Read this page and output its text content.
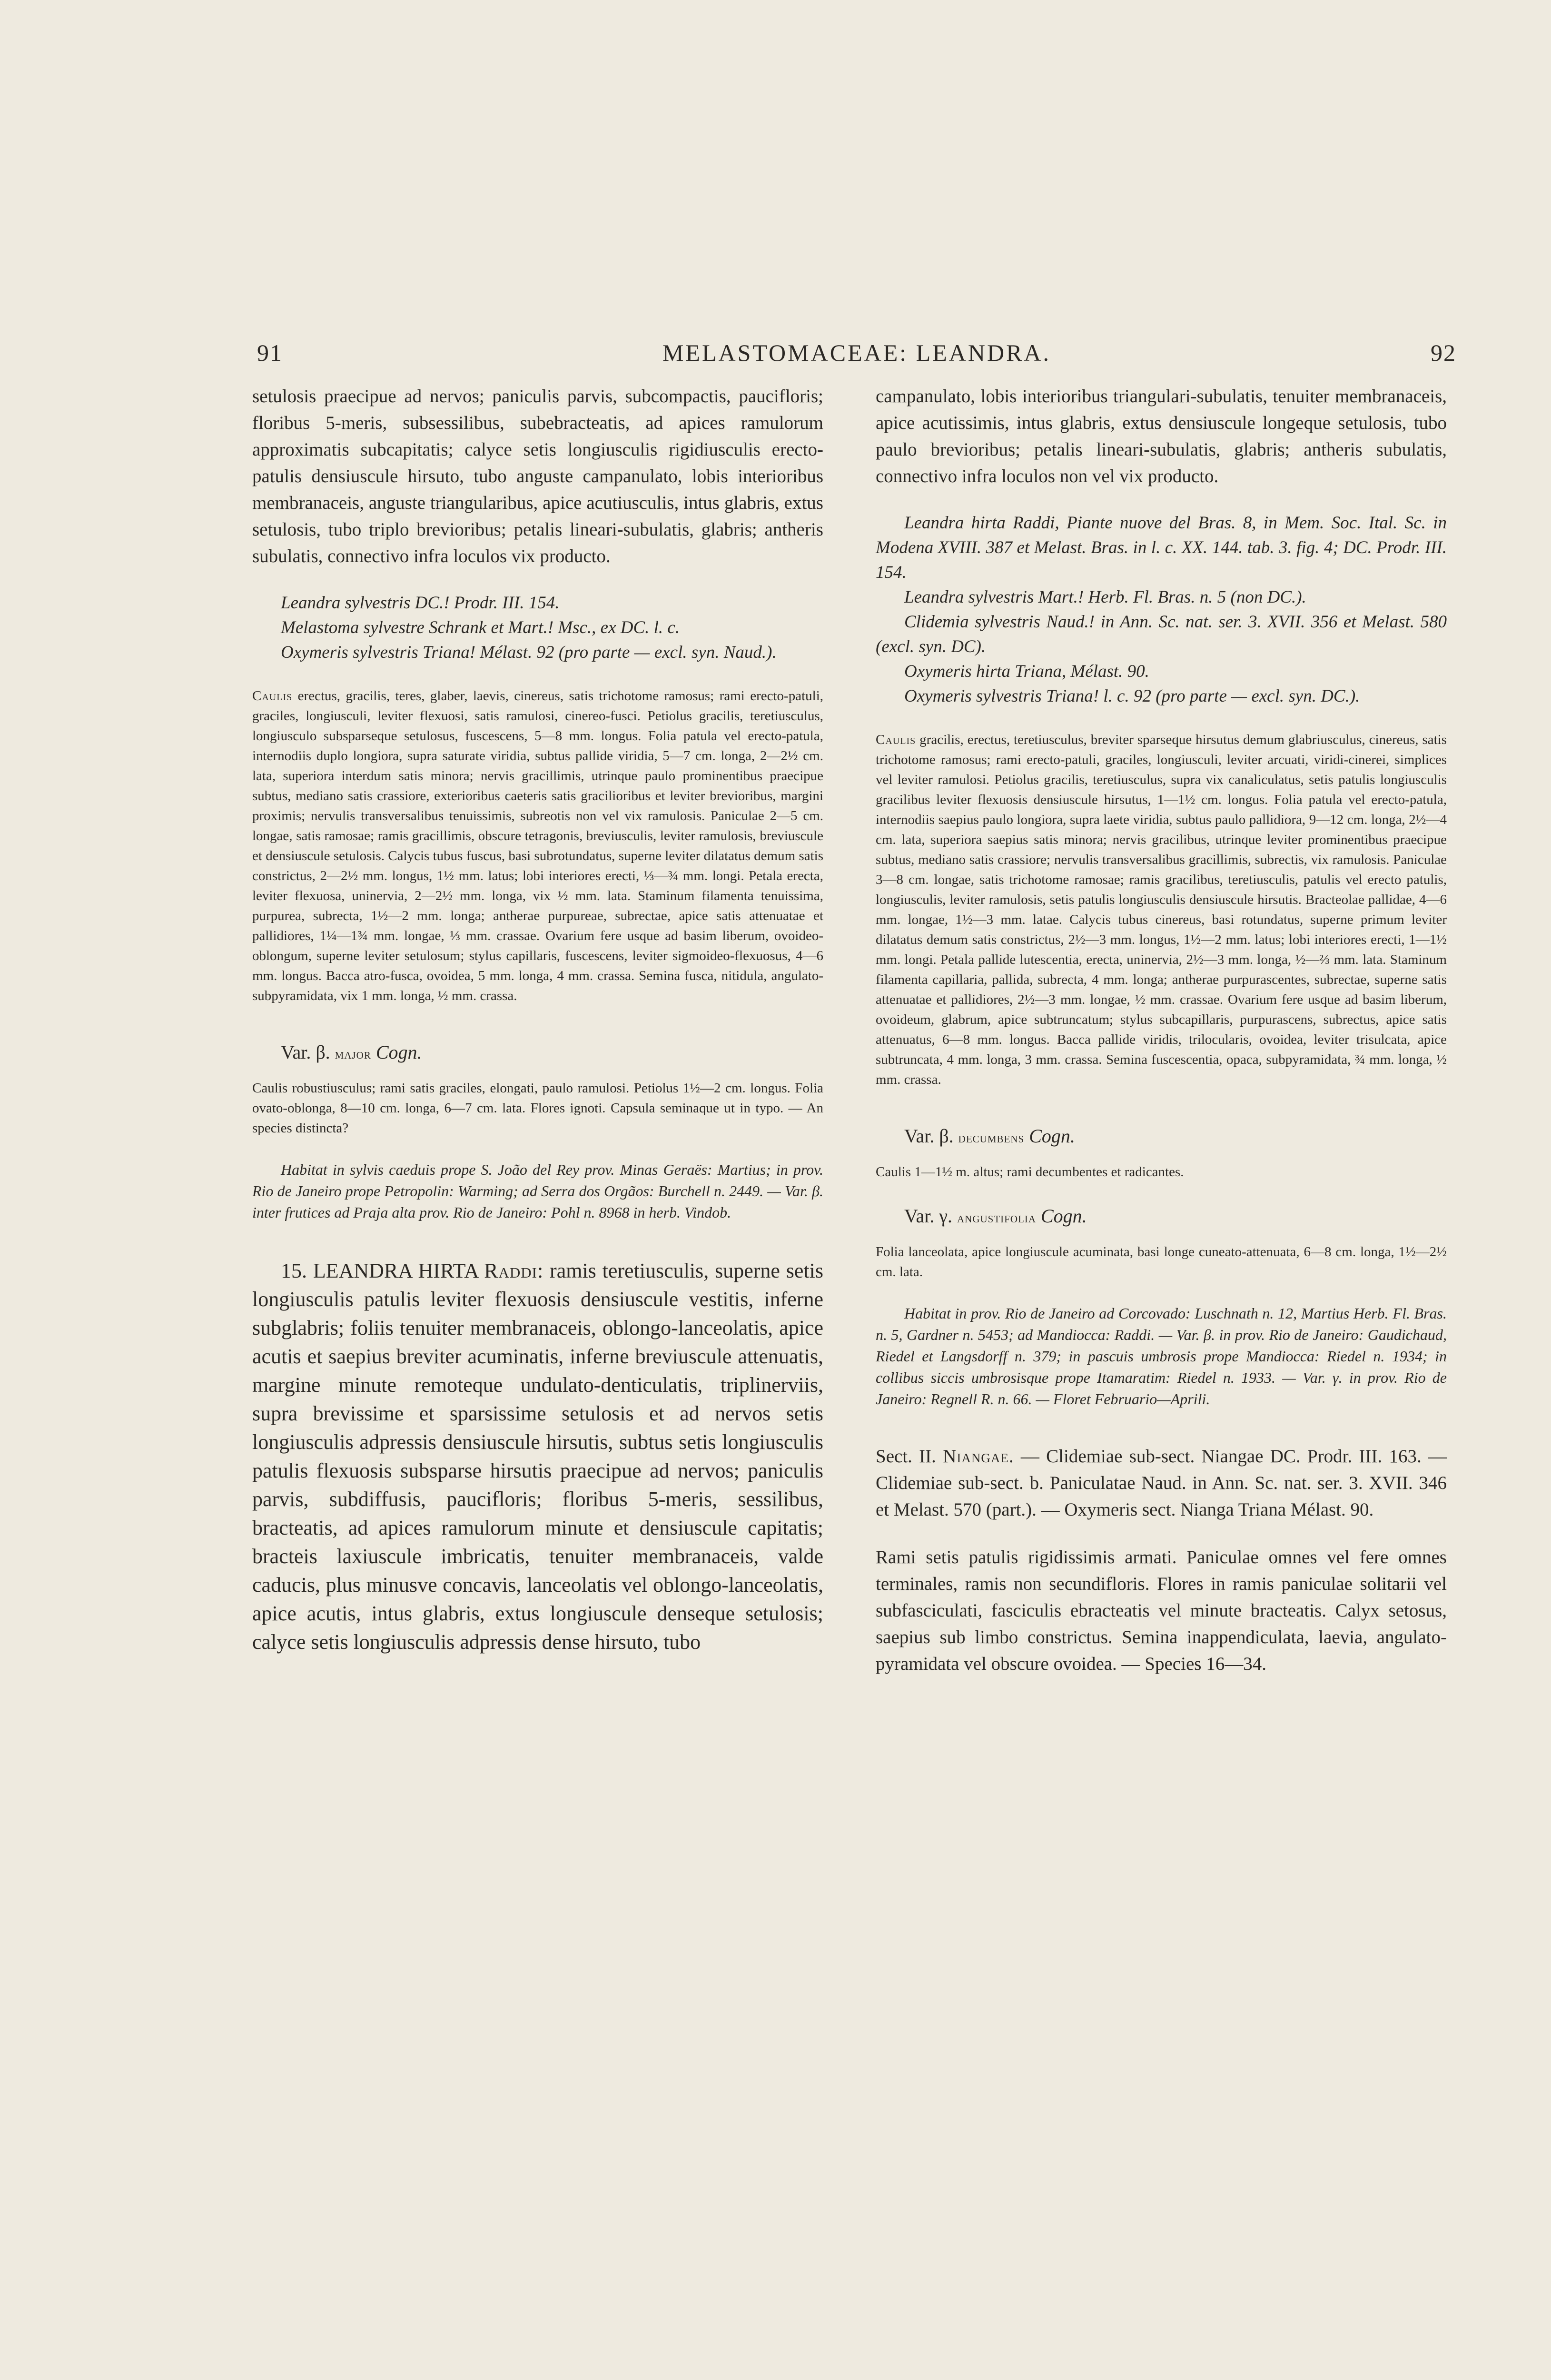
91	MELASTOMACEAE: LEANDRA.	92

setulosis praecipue ad nervos; paniculis parvis, subcompactis, paucifloris; floribus 5-meris, subsessilibus, subebracteatis, ad apices ramulorum approximatis subcapitatis; calyce setis longiusculis rigidiusculis erecto-patulis densiuscule hirsuto, tubo anguste campanulato, lobis interioribus membranaceis, anguste triangularibus, apice acutiusculis, intus glabris, extus setulosis, tubo triplo brevioribus; petalis lineari-subulatis, glabris; antheris subulatis, connectivo infra loculos vix producto.

Leandra sylvestris DC.! Prodr. III. 154.

Melastoma sylvestre Schrank et Mart.! Msc., ex DC. l. c.

Oxymeris sylvestris Triana! Mélast. 92 (pro parte — excl. syn. Naud.).

Caulis erectus, gracilis, teres, glaber, laevis, cinereus, satis trichotome ramosus; rami erecto-patuli, graciles, longiusculi, leviter flexuosi, satis ramulosi, cinereo-fusci. Petiolus gracilis, teretiusculus, longiusculo subsparseque setulosus, fuscescens, 5—8 mm. longus. Folia patula vel erecto-patula, internodiis duplo longiora, supra saturate viridia, subtus pallide viridia, 5—7 cm. longa, 2—2½ cm. lata, superiora interdum satis minora; nervis gracillimis, utrinque paulo prominentibus praecipue subtus, mediano satis crassiore, exterioribus caeteris satis gracilioribus et leviter brevioribus, margini proximis; nervulis transversalibus tenuissimis, subreotis non vel vix ramulosis. Paniculae 2—5 cm. longae, satis ramosae; ramis gracillimis, obscure tetragonis, breviusculis, leviter ramulosis, breviuscule et densiuscule setulosis. Calycis tubus fuscus, basi subrotundatus, superne leviter dilatatus demum satis constrictus, 2—2½ mm. longus, 1½ mm. latus; lobi interiores erecti, ⅓—¾ mm. longi. Petala erecta, leviter flexuosa, uninervia, 2—2½ mm. longa, vix ½ mm. lata. Staminum filamenta tenuissima, purpurea, subrecta, 1½—2 mm. longa; antherae purpureae, subrectae, apice satis attenuatae et pallidiores, 1¼—1¾ mm. longae, ⅓ mm. crassae. Ovarium fere usque ad basim liberum, ovoideo-oblongum, superne leviter setulosum; stylus capillaris, fuscescens, leviter sigmoideo-flexuosus, 4—6 mm. longus. Bacca atro-fusca, ovoidea, 5 mm. longa, 4 mm. crassa. Semina fusca, nitidula, angulato-subpyramidata, vix 1 mm. longa, ½ mm. crassa.

Var. β. major Cogn.

Caulis robustiusculus; rami satis graciles, elongati, paulo ramulosi. Petiolus 1½—2 cm. longus. Folia ovato-oblonga, 8—10 cm. longa, 6—7 cm. lata. Flores ignoti. Capsula seminaque ut in typo. — An species distincta?

Habitat in sylvis caeduis prope S. João del Rey prov. Minas Geraës: Martius; in prov. Rio de Janeiro prope Petropolin: Warming; ad Serra dos Orgãos: Burchell n. 2449. — Var. β. inter frutices ad Praja alta prov. Rio de Janeiro: Pohl n. 8968 in herb. Vindob.

15. LEANDRA HIRTA Raddi: ramis teretiusculis, superne setis longiusculis patulis leviter flexuosis densiuscule vestitis, inferne subglabris; foliis tenuiter membranaceis, oblongo-lanceolatis, apice acutis et saepius breviter acuminatis, inferne breviuscule attenuatis, margine minute remoteque undulato-denticulatis, triplinerviis, supra brevissime et sparsissime setulosis et ad nervos setis longiusculis adpressis densiuscule hirsutis, subtus setis longiusculis patulis flexuosis subsparse hirsutis praecipue ad nervos; paniculis parvis, subdiffusis, paucifloris; floribus 5-meris, sessilibus, bracteatis, ad apices ramulorum minute et densiuscule capitatis; bracteis laxiuscule imbricatis, tenuiter membranaceis, valde caducis, plus minusve concavis, lanceolatis vel oblongo-lanceolatis, apice acutis, intus glabris, extus longiuscule denseque setulosis; calyce setis longiusculis adpressis dense hirsuto, tubo

campanulato, lobis interioribus triangulari-subulatis, tenuiter membranaceis, apice acutissimis, intus glabris, extus densiuscule longeque setulosis, tubo paulo brevioribus; petalis lineari-subulatis, glabris; antheris subulatis, connectivo infra loculos non vel vix producto.

Leandra hirta Raddi, Piante nuove del Bras. 8, in Mem. Soc. Ital. Sc. in Modena XVIII. 387 et Melast. Bras. in l. c. XX. 144. tab. 3. fig. 4; DC. Prodr. III. 154.

Leandra sylvestris Mart.! Herb. Fl. Bras. n. 5 (non DC.).

Clidemia sylvestris Naud.! in Ann. Sc. nat. ser. 3. XVII. 356 et Melast. 580 (excl. syn. DC).

Oxymeris hirta Triana, Mélast. 90.

Oxymeris sylvestris Triana! l. c. 92 (pro parte — excl. syn. DC.).

Caulis gracilis, erectus, teretiusculus, breviter sparseque hirsutus demum glabriusculus, cinereus, satis trichotome ramosus; rami erecto-patuli, graciles, longiusculi, leviter arcuati, viridi-cinerei, simplices vel leviter ramulosi. Petiolus gracilis, teretiusculus, supra vix canaliculatus, setis patulis longiusculis gracilibus leviter flexuosis densiuscule hirsutus, 1—1½ cm. longus. Folia patula vel erecto-patula, internodiis saepius paulo longiora, supra laete viridia, subtus paulo pallidiora, 9—12 cm. longa, 2½—4 cm. lata, superiora saepius satis minora; nervis gracilibus, utrinque leviter prominentibus praecipue subtus, mediano satis crassiore; nervulis transversalibus gracillimis, subrectis, vix ramulosis. Paniculae 3—8 cm. longae, satis trichotome ramosae; ramis gracilibus, teretiusculis, patulis vel erecto patulis, longiusculis, leviter ramulosis, setis patulis longiusculis densiuscule hirsutis. Bracteolae pallidae, 4—6 mm. longae, 1½—3 mm. latae. Calycis tubus cinereus, basi rotundatus, superne primum leviter dilatatus demum satis constrictus, 2½—3 mm. longus, 1½—2 mm. latus; lobi interiores erecti, 1—1½ mm. longi. Petala pallide lutescentia, erecta, uninervia, 2½—3 mm. longa, ½—⅔ mm. lata. Staminum filamenta capillaria, pallida, subrecta, 4 mm. longa; antherae purpurascentes, subrectae, superne satis attenuatae et pallidiores, 2½—3 mm. longae, ½ mm. crassae. Ovarium fere usque ad basim liberum, ovoideum, glabrum, apice subtruncatum; stylus subcapillaris, purpurascens, subrectus, apice satis attenuatus, 6—8 mm. longus. Bacca pallide viridis, trilocularis, ovoidea, leviter trisulcata, apice subtruncata, 4 mm. longa, 3 mm. crassa. Semina fuscescentia, opaca, subpyramidata, ¾ mm. longa, ½ mm. crassa.

Var. β. decumbens Cogn.

Caulis 1—1½ m. altus; rami decumbentes et radicantes.

Var. γ. angustifolia Cogn.

Folia lanceolata, apice longiuscule acuminata, basi longe cuneato-attenuata, 6—8 cm. longa, 1½—2½ cm. lata.

Habitat in prov. Rio de Janeiro ad Corcovado: Luschnath n. 12, Martius Herb. Fl. Bras. n. 5, Gardner n. 5453; ad Mandiocca: Raddi. — Var. β. in prov. Rio de Janeiro: Gaudichaud, Riedel et Langsdorff n. 379; in pascuis umbrosis prope Mandiocca: Riedel n. 1934; in collibus siccis umbrosisque prope Itamaratim: Riedel n. 1933. — Var. γ. in prov. Rio de Janeiro: Regnell R. n. 66. — Floret Februario—Aprili.

Sect. II. Niangae. — Clidemiae sub-sect. Niangae DC. Prodr. III. 163. — Clidemiae sub-sect. b. Paniculatae Naud. in Ann. Sc. nat. ser. 3. XVII. 346 et Melast. 570 (part.). — Oxymeris sect. Nianga Triana Mélast. 90.

Rami setis patulis rigidissimis armati. Paniculae omnes vel fere omnes terminales, ramis non secundifloris. Flores in ramis paniculae solitarii vel subfasciculati, fasciculis ebracteatis vel minute bracteatis. Calyx setosus, saepius sub limbo constrictus. Semina inappendiculata, laevia, angulato-pyramidata vel obscure ovoidea. — Species 16—34.
